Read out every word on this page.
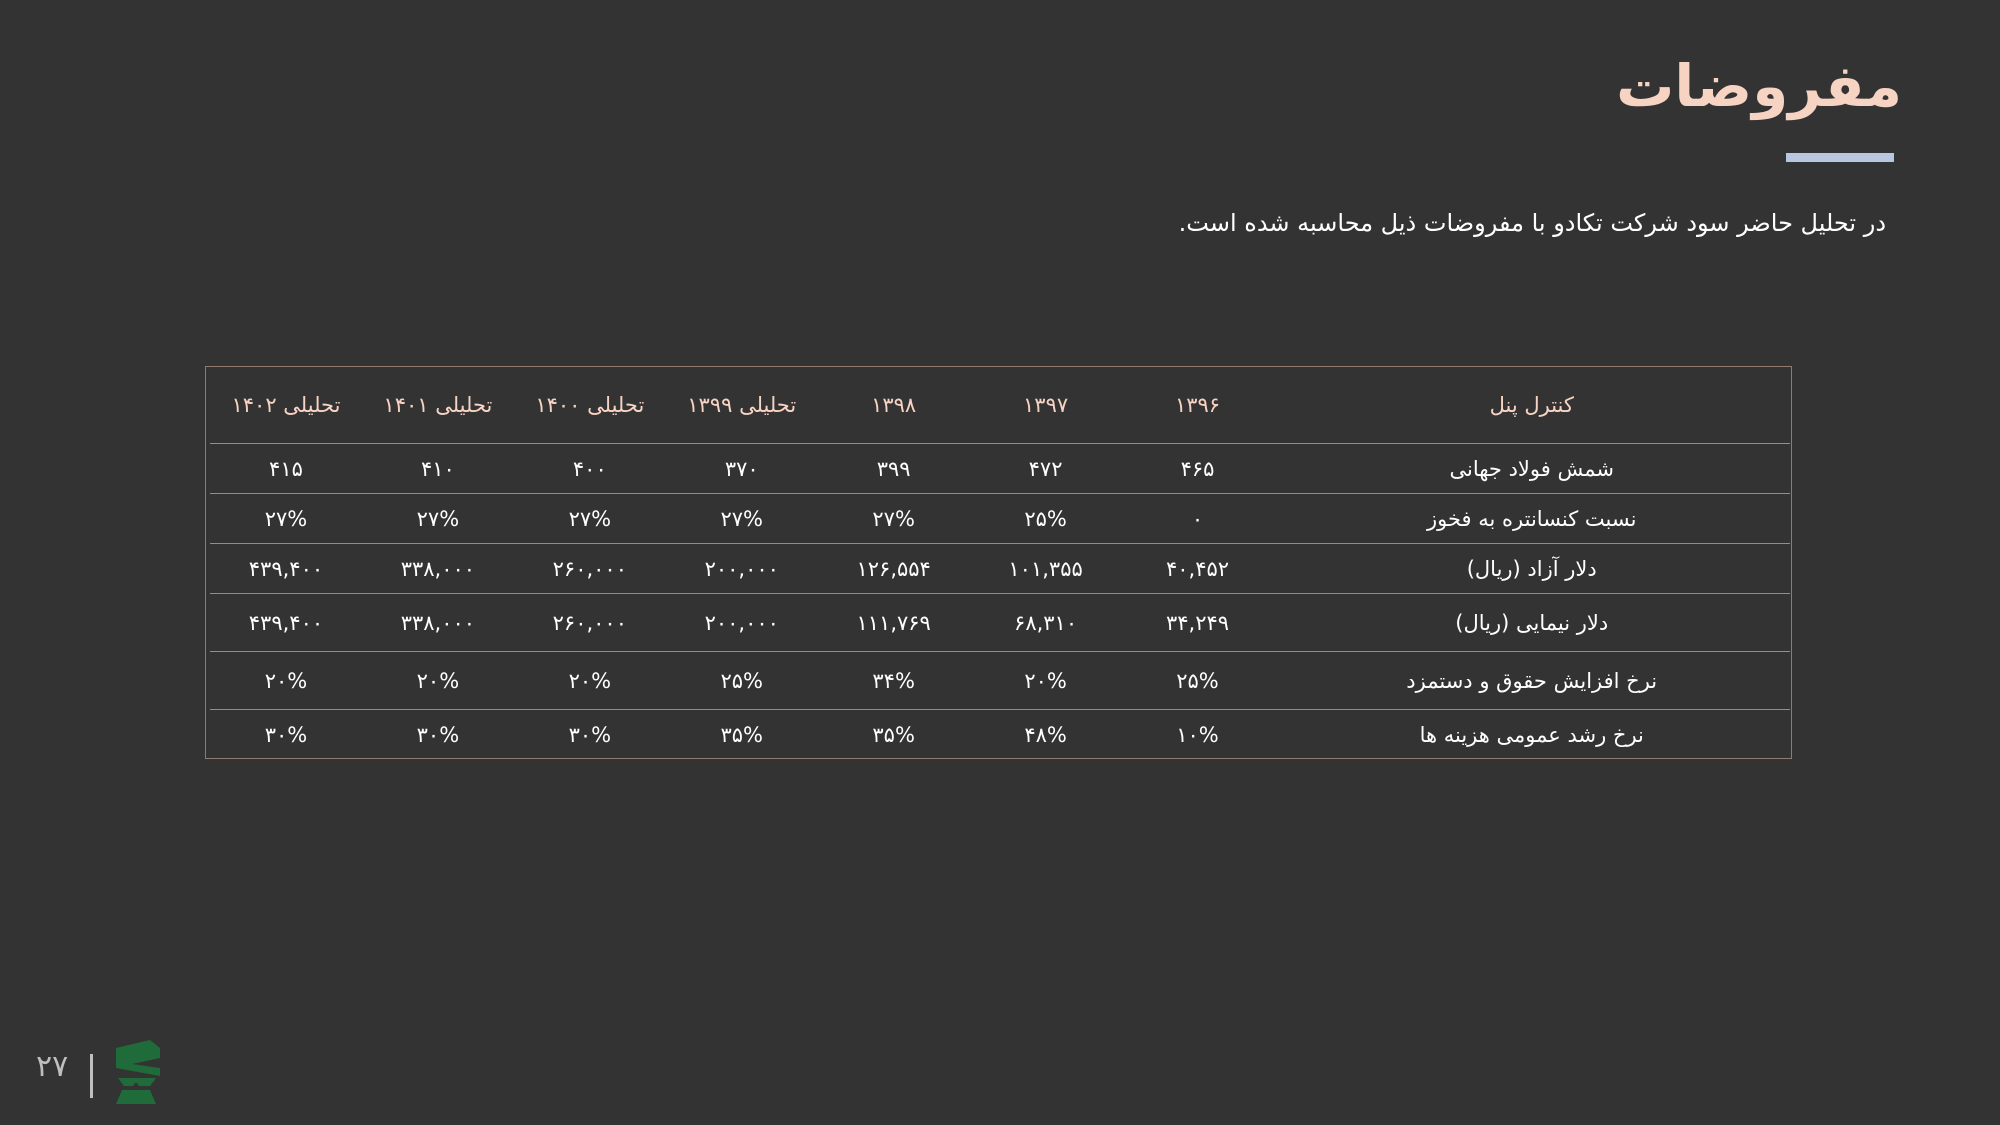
مفروضات
در تحلیل حاضر سود شرکت تکادو با مفروضات ذیل محاسبه شده است.
کنترل پنل	۱۳۹۶	۱۳۹۷	۱۳۹۸	تحلیلی ۱۳۹۹	تحلیلی ۱۴۰۰	تحلیلی ۱۴۰۱	تحلیلی ۱۴۰۲
شمش فولاد جهانی	۴۶۵	۴۷۲	۳۹۹	۳۷۰	۴۰۰	۴۱۰	۴۱۵
نسبت کنسانتره به فخوز	۰	۲۵%	۲۷%	۲۷%	۲۷%	۲۷%	۲۷%
دلار آزاد (ریال)	۴۰,۴۵۲	۱۰۱,۳۵۵	۱۲۶,۵۵۴	۲۰۰,۰۰۰	۲۶۰,۰۰۰	۳۳۸,۰۰۰	۴۳۹,۴۰۰
دلار نیمایی (ریال)	۳۴,۲۴۹	۶۸,۳۱۰	۱۱۱,۷۶۹	۲۰۰,۰۰۰	۲۶۰,۰۰۰	۳۳۸,۰۰۰	۴۳۹,۴۰۰
نرخ افزایش حقوق و دستمزد	۲۵%	۲۰%	۳۴%	۲۵%	۲۰%	۲۰%	۲۰%
نرخ رشد عمومی هزینه ها	۱۰%	۴۸%	۳۵%	۳۵%	۳۰%	۳۰%	۳۰%
۲۷
